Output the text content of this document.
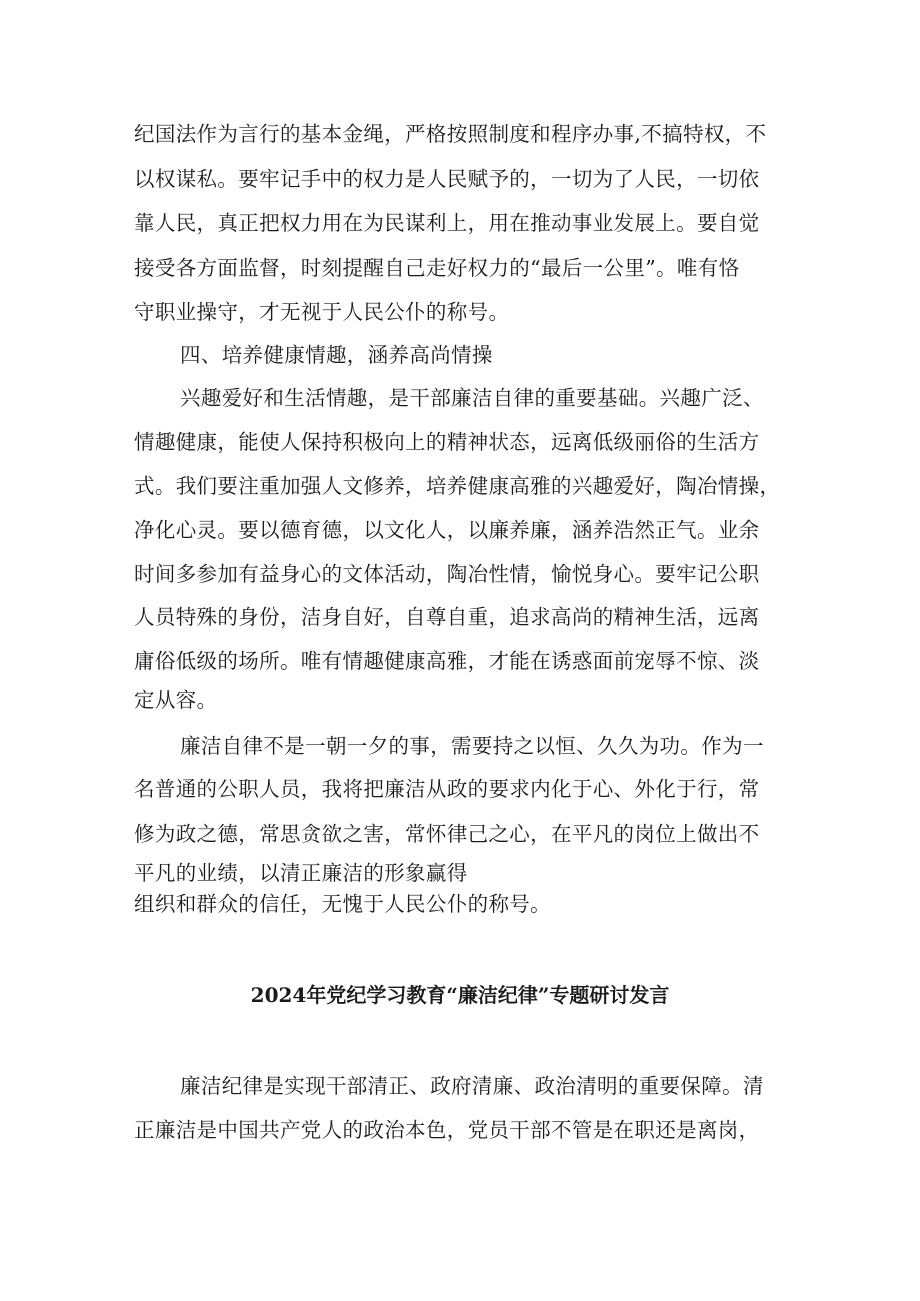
纪国法作为言行的基本金绳，严格按照制度和程序办事,不搞特权，不
以权谋私。要牢记手中的权力是人民赋予的，一切为了人民，一切依
靠人民，真正把权力用在为民谋利上，用在推动事业发展上。要自觉
接受各方面监督，时刻提醒自己走好权力的“最后一公里”。唯有恪
守职业操守，才无视于人民公仆的称号。
四、培养健康情趣，涵养高尚情操
兴趣爱好和生活情趣，是干部廉洁自律的重要基础。兴趣广泛、
情趣健康，能使人保持积极向上的精神状态，远离低级丽俗的生活方
式。我们要注重加强人文修养，培养健康高雅的兴趣爱好，陶冶情操，
净化心灵。要以德育德，以文化人，以廉养廉，涵养浩然正气。业余
时间多参加有益身心的文体活动，陶冶性情，愉悦身心。要牢记公职
人员特殊的身份，洁身自好，自尊自重，追求高尚的精神生活，远离
庸俗低级的场所。唯有情趣健康高雅，才能在诱惑面前宠辱不惊、淡
定从容。
廉洁自律不是一朝一夕的事，需要持之以恒、久久为功。作为一
名普通的公职人员，我将把廉洁从政的要求内化于心、外化于行，常
修为政之德，常思贪欲之害，常怀律己之心，在平凡的岗位上做出不
平凡的业绩，以清正廉洁的形象赢得
组织和群众的信任，无愧于人民公仆的称号。
2024年党纪学习教育“廉洁纪律”专题研讨发言
廉洁纪律是实现干部清正、政府清廉、政治清明的重要保障。清
正廉洁是中国共产党人的政治本色，党员干部不管是在职还是离岗，
